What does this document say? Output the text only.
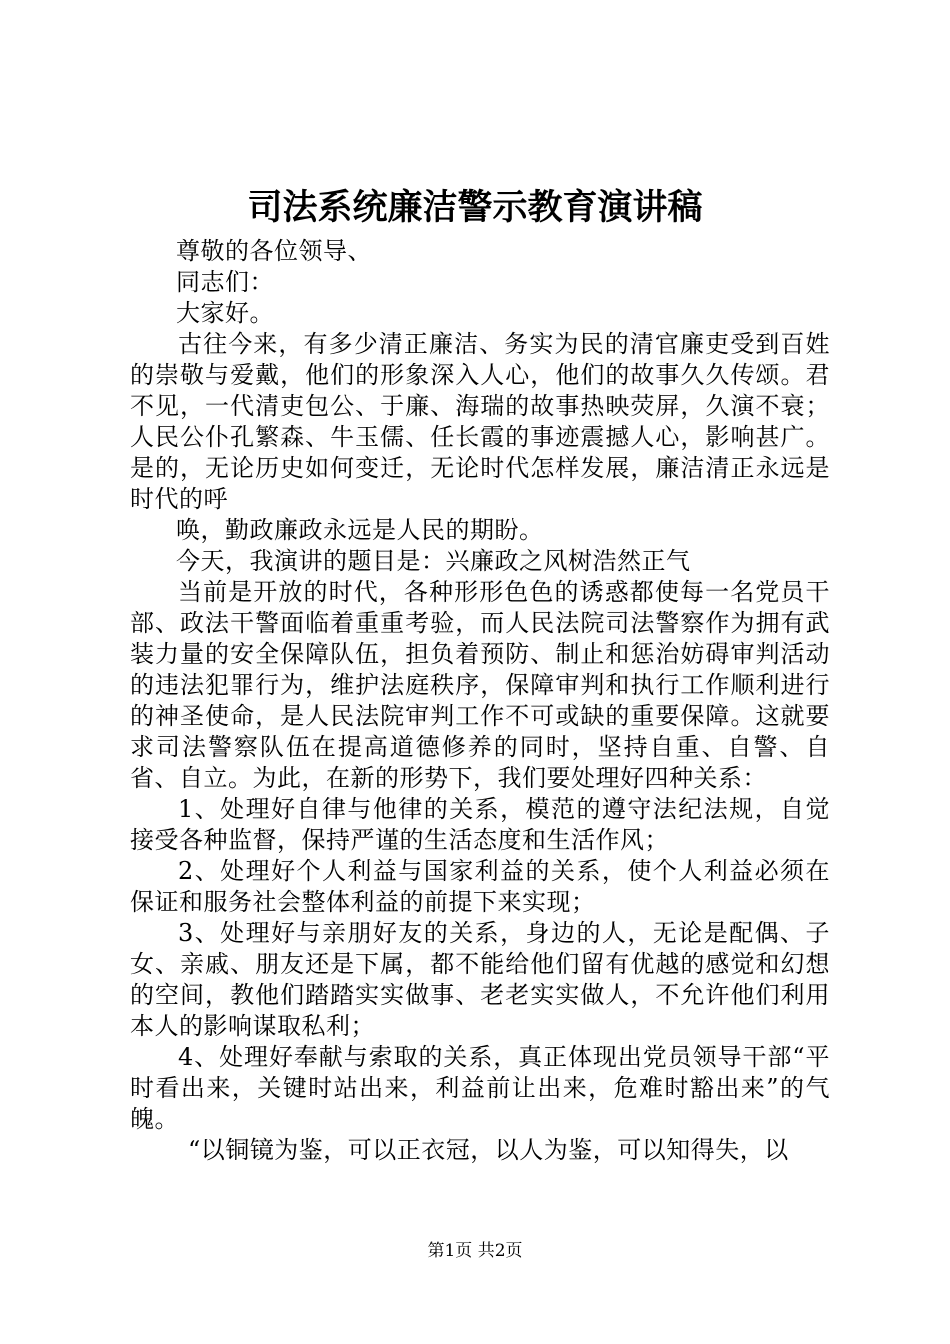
司法系统廉洁警示教育演讲稿

尊敬的各位领导、

同志们：

大家好。

古往今来，有多少清正廉洁、务实为民的清官廉吏受到百姓的崇敬与爱戴，他们的形象深入人心，他们的故事久久传颂。君不见，一代清吏包公、于廉、海瑞的故事热映荧屏，久演不衰；人民公仆孔繁森、牛玉儒、任长霞的事迹震撼人心，影响甚广。是的，无论历史如何变迁，无论时代怎样发展，廉洁清正永远是时代的呼

唤，勤政廉政永远是人民的期盼。

今天，我演讲的题目是：兴廉政之风树浩然正气

当前是开放的时代，各种形形色色的诱惑都使每一名党员干部、政法干警面临着重重考验，而人民法院司法警察作为拥有武装力量的安全保障队伍，担负着预防、制止和惩治妨碍审判活动的违法犯罪行为，维护法庭秩序，保障审判和执行工作顺利进行的神圣使命，是人民法院审判工作不可或缺的重要保障。这就要求司法警察队伍在提高道德修养的同时，坚持自重、自警、自省、自立。为此，在新的形势下，我们要处理好四种关系：

1、处理好自律与他律的关系，模范的遵守法纪法规，自觉接受各种监督，保持严谨的生活态度和生活作风；

2、处理好个人利益与国家利益的关系，使个人利益必须在保证和服务社会整体利益的前提下来实现；

3、处理好与亲朋好友的关系，身边的人，无论是配偶、子女、亲戚、朋友还是下属，都不能给他们留有优越的感觉和幻想的空间，教他们踏踏实实做事、老老实实做人，不允许他们利用本人的影响谋取私利；

4、处理好奉献与索取的关系，真正体现出党员领导干部“平时看出来，关键时站出来，利益前让出来，危难时豁出来”的气魄。

“以铜镜为鉴，可以正衣冠，以人为鉴，可以知得失，以

第1页 共2页
